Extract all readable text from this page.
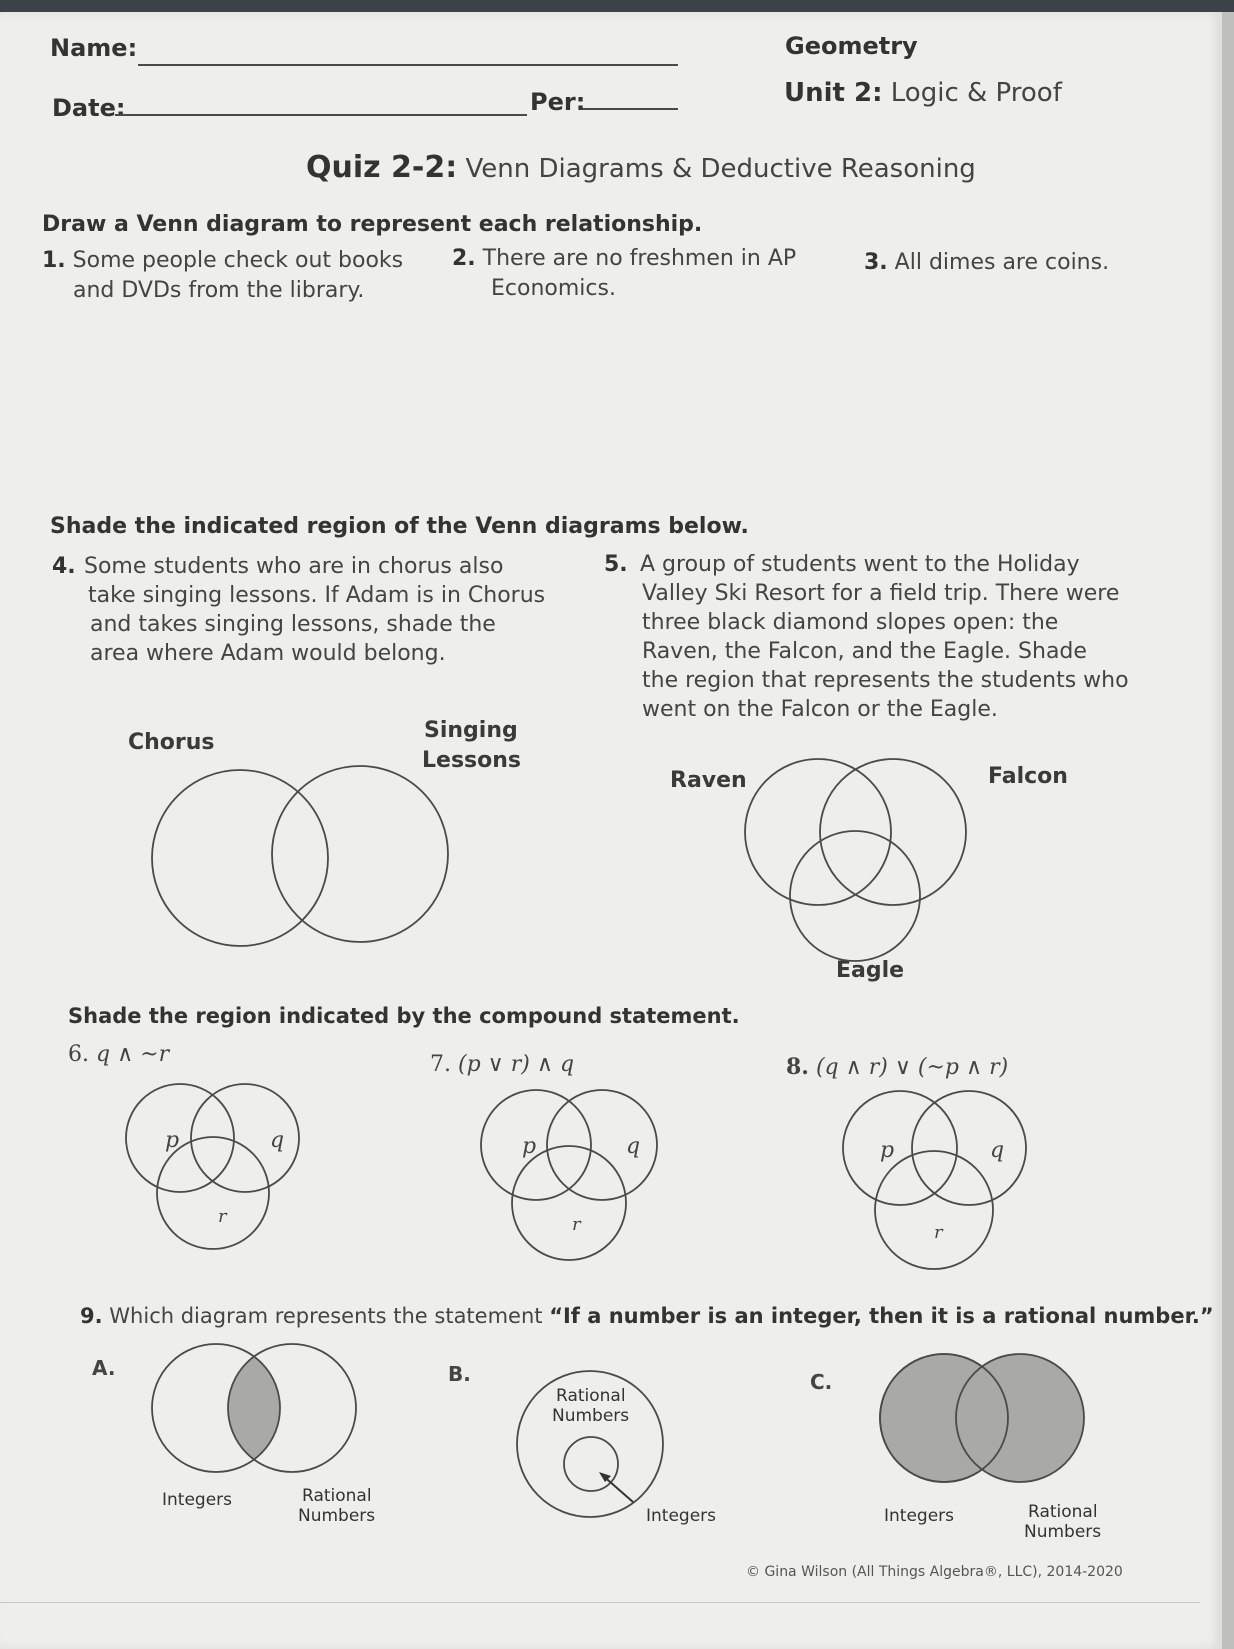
Name:
Date:	Per:
Geometry
Unit 2: Logic & Proof
Quiz 2-2: Venn Diagrams & Deductive Reasoning
Draw a Venn diagram to represent each relationship.
1. Some people check out books
and DVDs from the library.
2. There are no freshmen in AP
Economics.
3. All dimes are coins.
Shade the indicated region of the Venn diagrams below.
4. Some students who are in chorus also
take singing lessons. If Adam is in Chorus
and takes singing lessons, shade the
area where Adam would belong.
5. A group of students went to the Holiday
Valley Ski Resort for a field trip. There were
three black diamond slopes open: the
Raven, the Falcon, and the Eagle. Shade
the region that represents the students who
went on the Falcon or the Eagle.
Chorus	Singing
Lessons
Raven	Falcon
Eagle
Shade the region indicated by the compound statement.
6. q ∧ ~r	7. (p ∨ r) ∧ q	8. (q ∧ r) ∨ (~p ∧ r)
p	q
r
p	q
r
p	q
r
9. Which diagram represents the statement “If a number is an integer, then it is a rational number.”
A.
Integers	Rational
Numbers
B.
Rational
Numbers
Integers
C.
Integers	Rational
Numbers
© Gina Wilson (All Things Algebra®, LLC), 2014-2020
